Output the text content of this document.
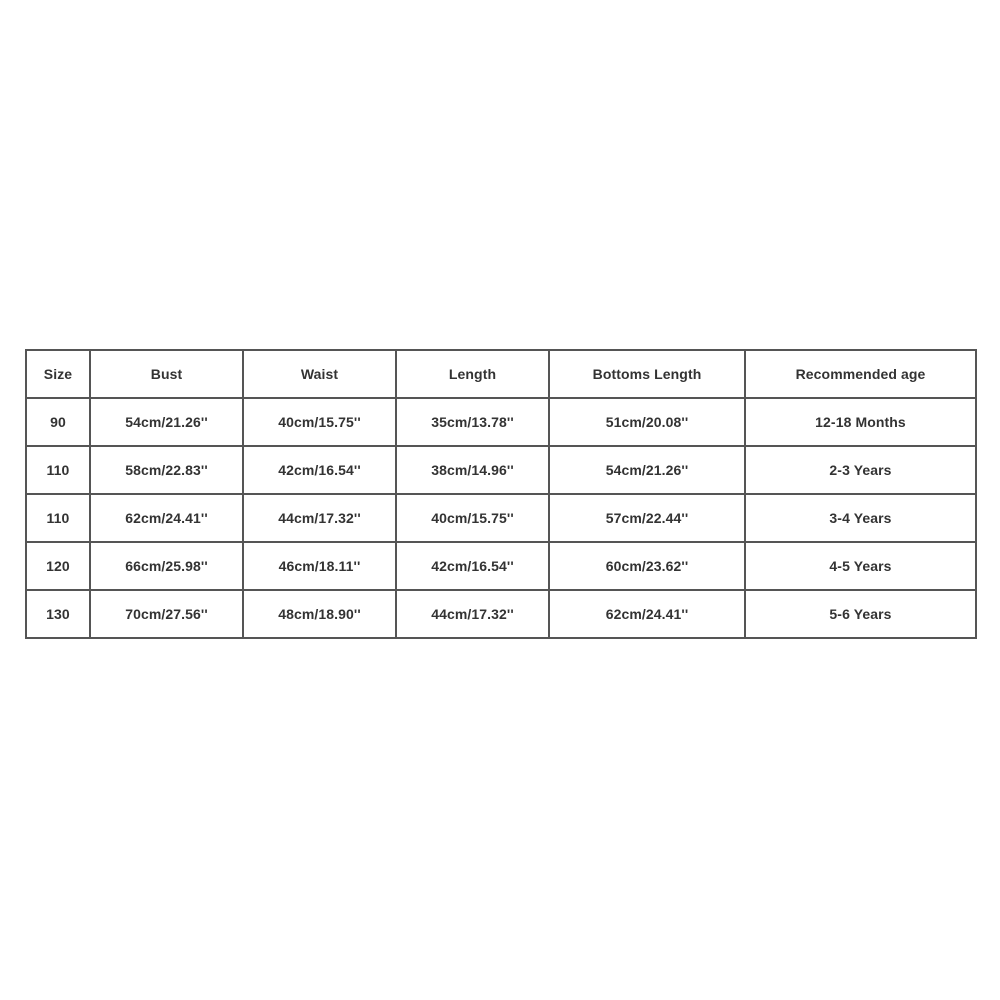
Size	Bust	Waist	Length	Bottoms Length	Recommended age
90	54cm/21.26''	40cm/15.75''	35cm/13.78''	51cm/20.08''	12-18 Months
110	58cm/22.83''	42cm/16.54''	38cm/14.96''	54cm/21.26''	2-3 Years
110	62cm/24.41''	44cm/17.32''	40cm/15.75''	57cm/22.44''	3-4 Years
120	66cm/25.98''	46cm/18.11''	42cm/16.54''	60cm/23.62''	4-5 Years
130	70cm/27.56''	48cm/18.90''	44cm/17.32''	62cm/24.41''	5-6 Years
